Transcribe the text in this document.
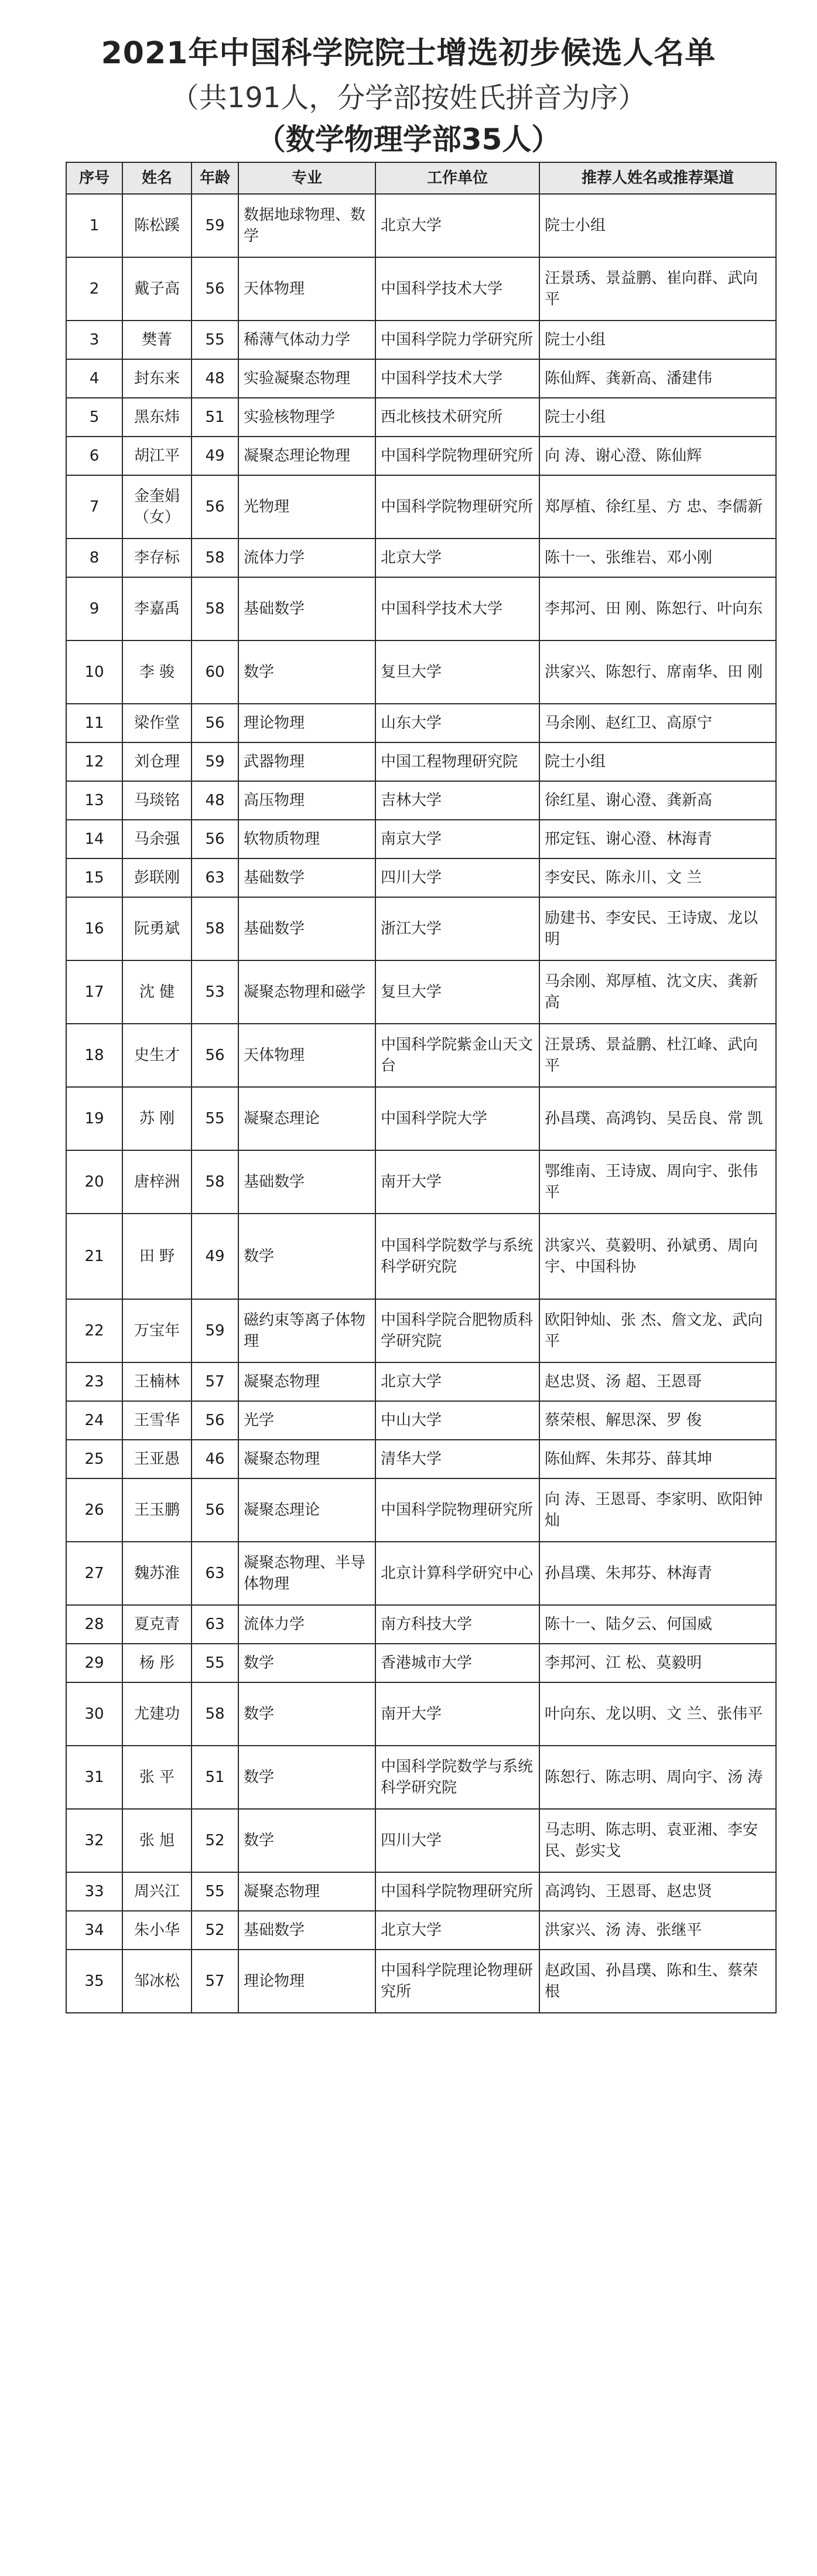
2021年中国科学院院士增选初步候选人名单
（共191人，分学部按姓氏拼音为序）
（数学物理学部35人）
序号	姓名	年龄	专业	工作单位	推荐人姓名或推荐渠道
1	陈松蹊	59	数据地球物理、数学	北京大学	院士小组
2	戴子高	56	天体物理	中国科学技术大学	汪景琇、景益鹏、崔向群、武向平
3	樊菁	55	稀薄气体动力学	中国科学院力学研究所	院士小组
4	封东来	48	实验凝聚态物理	中国科学技术大学	陈仙辉、龚新高、潘建伟
5	黑东炜	51	实验核物理学	西北核技术研究所	院士小组
6	胡江平	49	凝聚态理论物理	中国科学院物理研究所	向 涛、谢心澄、陈仙辉
7	金奎娟（女）	56	光物理	中国科学院物理研究所	郑厚植、徐红星、方 忠、李儒新
8	李存标	58	流体力学	北京大学	陈十一、张维岩、邓小刚
9	李嘉禹	58	基础数学	中国科学技术大学	李邦河、田 刚、陈恕行、叶向东
10	李 骏	60	数学	复旦大学	洪家兴、陈恕行、席南华、田 刚
11	梁作堂	56	理论物理	山东大学	马余刚、赵红卫、高原宁
12	刘仓理	59	武器物理	中国工程物理研究院	院士小组
13	马琰铭	48	高压物理	吉林大学	徐红星、谢心澄、龚新高
14	马余强	56	软物质物理	南京大学	邢定钰、谢心澄、林海青
15	彭联刚	63	基础数学	四川大学	李安民、陈永川、文 兰
16	阮勇斌	58	基础数学	浙江大学	励建书、李安民、王诗宬、龙以明
17	沈 健	53	凝聚态物理和磁学	复旦大学	马余刚、郑厚植、沈文庆、龚新高
18	史生才	56	天体物理	中国科学院紫金山天文台	汪景琇、景益鹏、杜江峰、武向平
19	苏 刚	55	凝聚态理论	中国科学院大学	孙昌璞、高鸿钧、吴岳良、常 凯
20	唐梓洲	58	基础数学	南开大学	鄂维南、王诗宬、周向宇、张伟平
21	田 野	49	数学	中国科学院数学与系统科学研究院	洪家兴、莫毅明、孙斌勇、周向宇、中国科协
22	万宝年	59	磁约束等离子体物理	中国科学院合肥物质科学研究院	欧阳钟灿、张 杰、詹文龙、武向平
23	王楠林	57	凝聚态物理	北京大学	赵忠贤、汤 超、王恩哥
24	王雪华	56	光学	中山大学	蔡荣根、解思深、罗 俊
25	王亚愚	46	凝聚态物理	清华大学	陈仙辉、朱邦芬、薛其坤
26	王玉鹏	56	凝聚态理论	中国科学院物理研究所	向 涛、王恩哥、李家明、欧阳钟灿
27	魏苏淮	63	凝聚态物理、半导体物理	北京计算科学研究中心	孙昌璞、朱邦芬、林海青
28	夏克青	63	流体力学	南方科技大学	陈十一、陆夕云、何国威
29	杨 彤	55	数学	香港城市大学	李邦河、江 松、莫毅明
30	尤建功	58	数学	南开大学	叶向东、龙以明、文 兰、张伟平
31	张 平	51	数学	中国科学院数学与系统科学研究院	陈恕行、陈志明、周向宇、汤 涛
32	张 旭	52	数学	四川大学	马志明、陈志明、袁亚湘、李安民、彭实戈
33	周兴江	55	凝聚态物理	中国科学院物理研究所	高鸿钧、王恩哥、赵忠贤
34	朱小华	52	基础数学	北京大学	洪家兴、汤 涛、张继平
35	邹冰松	57	理论物理	中国科学院理论物理研究所	赵政国、孙昌璞、陈和生、蔡荣根
